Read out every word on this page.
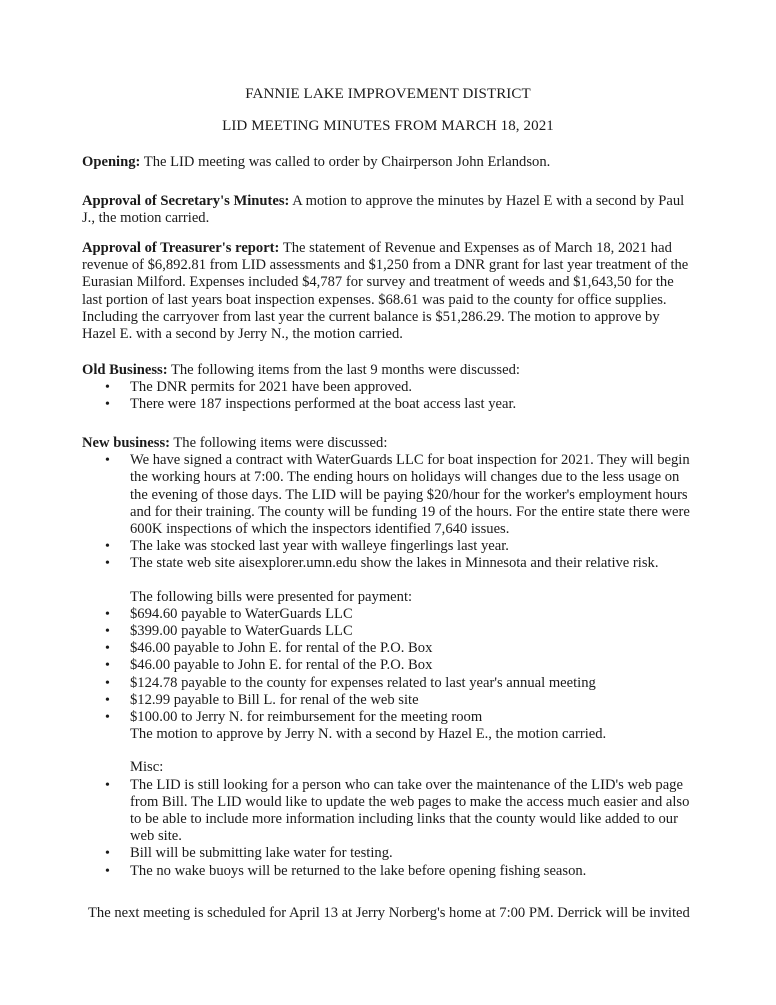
FANNIE LAKE IMPROVEMENT DISTRICT
LID MEETING MINUTES FROM MARCH 18, 2021

Opening: The LID meeting was called to order by Chairperson John Erlandson.

Approval of Secretary's Minutes: A motion to approve the minutes by Hazel E with a second by Paul J., the motion carried.

Approval of Treasurer's report: The statement of Revenue and Expenses as of March 18, 2021 had revenue of $6,892.81 from LID assessments and $1,250 from a DNR grant for last year treatment of the Eurasian Milford. Expenses included $4,787 for survey and treatment of weeds and $1,643,50 for the last portion of last years boat inspection expenses. $68.61 was paid to the county for office supplies. Including the carryover from last year the current balance is $51,286.29. The motion to approve by Hazel E. with a second by Jerry N., the motion carried.

Old Business: The following items from the last 9 months were discussed:
• The DNR permits for 2021 have been approved.
• There were 187 inspections performed at the boat access last year.
New business: The following items were discussed:
• We have signed a contract with WaterGuards LLC for boat inspection for 2021. They will begin the working hours at 7:00. The ending hours on holidays will changes due to the less usage on the evening of those days. The LID will be paying $20/hour for the worker's employment hours and for their training. The county will be funding 19 of the hours. For the entire state there were 600K inspections of which the inspectors identified 7,640 issues.
• The lake was stocked last year with walleye fingerlings last year.
• The state web site aisexplorer.umn.edu show the lakes in Minnesota and their relative risk.
The following bills were presented for payment:
• $694.60 payable to WaterGuards LLC
• $399.00 payable to WaterGuards LLC
• $46.00 payable to John E. for rental of the P.O. Box
• $46.00 payable to John E. for rental of the P.O. Box
• $124.78 payable to the county for expenses related to last year's annual meeting
• $12.99 payable to Bill L. for renal of the web site
• $100.00 to Jerry N. for reimbursement for the meeting room
The motion to approve by Jerry N. with a second by Hazel E., the motion carried.
Misc:
• The LID is still looking for a person who can take over the maintenance of the LID's web page from Bill. The LID would like to update the web pages to make the access much easier and also to be able to include more information including links that the county would like added to our web site.
• Bill will be submitting lake water for testing.
• The no wake buoys will be returned to the lake before opening fishing season.

The next meeting is scheduled for April 13 at Jerry Norberg's home at 7:00 PM. Derrick will be invited
